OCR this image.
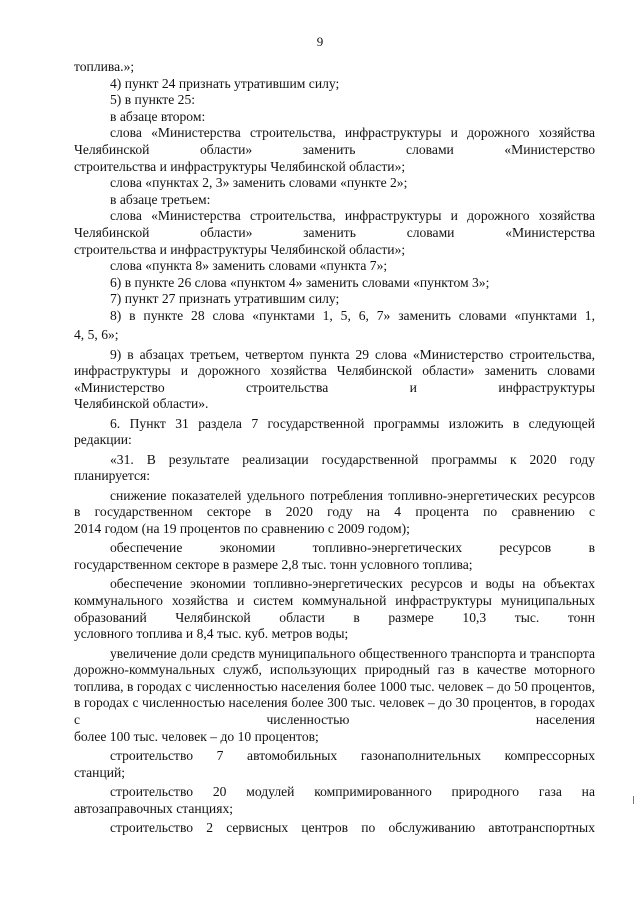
9

топлива.»;

4) пункт 24 признать утратившим силу;

5) в пункте 25:

в абзаце втором:

слова «Министерства строительства, инфраструктуры и дорожного хозяйства Челябинской области» заменить словами «Министерство

строительства и инфраструктуры Челябинской области»;

слова «пунктах 2, 3» заменить словами «пункте 2»;

в абзаце третьем:

слова «Министерства строительства, инфраструктуры и дорожного хозяйства Челябинской области» заменить словами «Министерства

строительства и инфраструктуры Челябинской области»;

слова «пункта 8» заменить словами «пункта 7»;

6) в пункте 26 слова «пунктом 4» заменить словами «пунктом 3»;

7) пункт 27 признать утратившим силу;

8) в пункте 28 слова «пунктами 1, 5, 6, 7» заменить словами «пунктами 1,

4, 5, 6»;

9) в абзацах третьем, четвертом пункта 29 слова «Министерство строительства, инфраструктуры и дорожного хозяйства Челябинской области» заменить словами «Министерство строительства и инфраструктуры

Челябинской области».

6. Пункт 31 раздела 7 государственной программы изложить в следующей

редакции:

«31. В результате реализации государственной программы к 2020 году

планируется:

снижение показателей удельного потребления топливно-энергетических ресурсов в государственном секторе в 2020 году на 4 процента по сравнению с

2014 годом (на 19 процентов по сравнению с 2009 годом);

обеспечение экономии топливно-энергетических ресурсов в

государственном секторе в размере 2,8 тыс. тонн условного топлива;

обеспечение экономии топливно-энергетических ресурсов и воды на объектах коммунального хозяйства и систем коммунальной инфраструктуры муниципальных образований Челябинской области в размере 10,3 тыс. тонн

условного топлива и 8,4 тыс. куб. метров воды;

увеличение доли средств муниципального общественного транспорта и транспорта дорожно-коммунальных служб, использующих природный газ в качестве моторного топлива, в городах с численностью населения более 1000 тыс. человек – до 50 процентов, в городах с численностью населения более 300 тыс. человек – до 30 процентов, в городах с численностью населения

более 100 тыс. человек – до 10 процентов;

строительство 7 автомобильных газонаполнительных компрессорных

станций;

строительство 20 модулей компримированного природного газа на

автозаправочных станциях;

строительство 2 сервисных центров по обслуживанию автотранспортных
